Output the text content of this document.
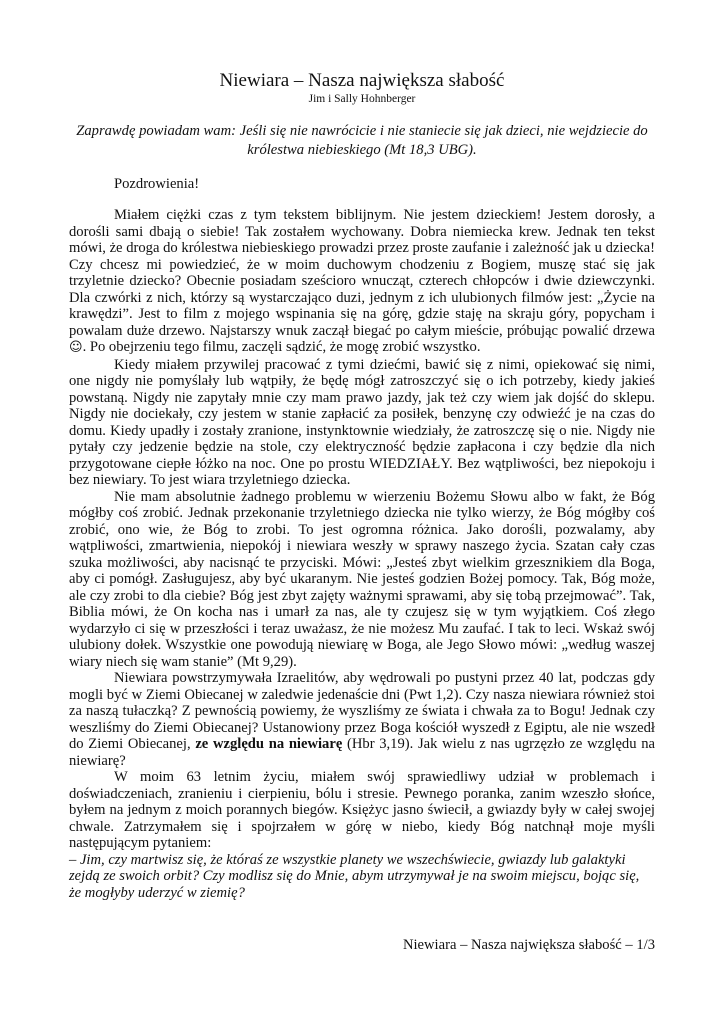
Niewiara – Nasza największa słabość

Jim i Sally Hohnberger

Zaprawdę powiadam wam: Jeśli się nie nawrócicie i nie staniecie się jak dzieci, nie wejdziecie do królestwa niebieskiego (Mt 18,3 UBG).

Pozdrowienia!

Miałem ciężki czas z tym tekstem biblijnym. Nie jestem dzieckiem! Jestem dorosły, a dorośli sami dbają o siebie! Tak zostałem wychowany. Dobra niemiecka krew. Jednak ten tekst mówi, że droga do królestwa niebieskiego prowadzi przez proste zaufanie i zależność jak u dziecka! Czy chcesz mi powiedzieć, że w moim duchowym chodzeniu z Bogiem, muszę stać się jak trzyletnie dziecko? Obecnie posiadam sześcioro wnucząt, czterech chłopców i dwie dziewczynki. Dla czwórki z nich, którzy są wystarczająco duzi, jednym z ich ulubionych filmów jest: „Życie na krawędzi”. Jest to film z mojego wspinania się na górę, gdzie staję na skraju góry, popycham i powalam duże drzewo. Najstarszy wnuk zaczął biegać po całym mieście, próbując powalić drzewa☺. Po obejrzeniu tego filmu, zaczęli sądzić, że mogę zrobić wszystko.

Kiedy miałem przywilej pracować z tymi dziećmi, bawić się z nimi, opiekować się nimi, one nigdy nie pomyślały lub wątpiły, że będę mógł zatroszczyć się o ich potrzeby, kiedy jakieś powstaną. Nigdy nie zapytały mnie czy mam prawo jazdy, jak też czy wiem jak dojść do sklepu. Nigdy nie dociekały, czy jestem w stanie zapłacić za posiłek, benzynę czy odwieźć je na czas do domu. Kiedy upadły i zostały zranione, instynktownie wiedziały, że zatroszczę się o nie. Nigdy nie pytały czy jedzenie będzie na stole, czy elektryczność będzie zapłacona i czy będzie dla nich przygotowane ciepłe łóżko na noc. One po prostu WIEDZIAŁY. Bez wątpliwości, bez niepokoju i bez niewiary. To jest wiara trzyletniego dziecka.

Nie mam absolutnie żadnego problemu w wierzeniu Bożemu Słowu albo w fakt, że Bóg mógłby coś zrobić. Jednak przekonanie trzyletniego dziecka nie tylko wierzy, że Bóg mógłby coś zrobić, ono wie, że Bóg to zrobi. To jest ogromna różnica. Jako dorośli, pozwalamy, aby wątpliwości, zmartwienia, niepokój i niewiara weszły w sprawy naszego życia. Szatan cały czas szuka możliwości, aby nacisnąć te przyciski. Mówi: „Jesteś zbyt wielkim grzesznikiem dla Boga, aby ci pomógł. Zasługujesz, aby być ukaranym. Nie jesteś godzien Bożej pomocy. Tak, Bóg może, ale czy zrobi to dla ciebie? Bóg jest zbyt zajęty ważnymi sprawami, aby się tobą przejmować”. Tak, Biblia mówi, że On kocha nas i umarł za nas, ale ty czujesz się w tym wyjątkiem. Coś złego wydarzyło ci się w przeszłości i teraz uważasz, że nie możesz Mu zaufać. I tak to leci. Wskaż swój ulubiony dołek. Wszystkie one powodują niewiarę w Boga, ale Jego Słowo mówi: „według waszej wiary niech się wam stanie” (Mt 9,29).

Niewiara powstrzymywała Izraelitów, aby wędrowali po pustyni przez 40 lat, podczas gdy mogli być w Ziemi Obiecanej w zaledwie jedenaście dni (Pwt 1,2). Czy nasza niewiara również stoi za naszą tułaczką? Z pewnością powiemy, że wyszliśmy ze świata i chwała za to Bogu! Jednak czy weszliśmy do Ziemi Obiecanej? Ustanowiony przez Boga kościół wyszedł z Egiptu, ale nie wszedł do Ziemi Obiecanej, ze względu na niewiarę (Hbr 3,19). Jak wielu z nas ugrzęzło ze względu na niewiarę?

W moim 63 letnim życiu, miałem swój sprawiedliwy udział w problemach i doświadczeniach, zranieniu i cierpieniu, bólu i stresie. Pewnego poranka, zanim wzeszło słońce, byłem na jednym z moich porannych biegów. Księżyc jasno świecił, a gwiazdy były w całej swojej chwale. Zatrzymałem się i spojrzałem w górę w niebo, kiedy Bóg natchnął moje myśli następującym pytaniem:

– Jim, czy martwisz się, że któraś ze wszystkie planety we wszechświecie, gwiazdy lub galaktyki zejdą ze swoich orbit? Czy modlisz się do Mnie, abym utrzymywał je na swoim miejscu, bojąc się, że mogłyby uderzyć w ziemię?

Niewiara – Nasza największa słabość – 1/3
